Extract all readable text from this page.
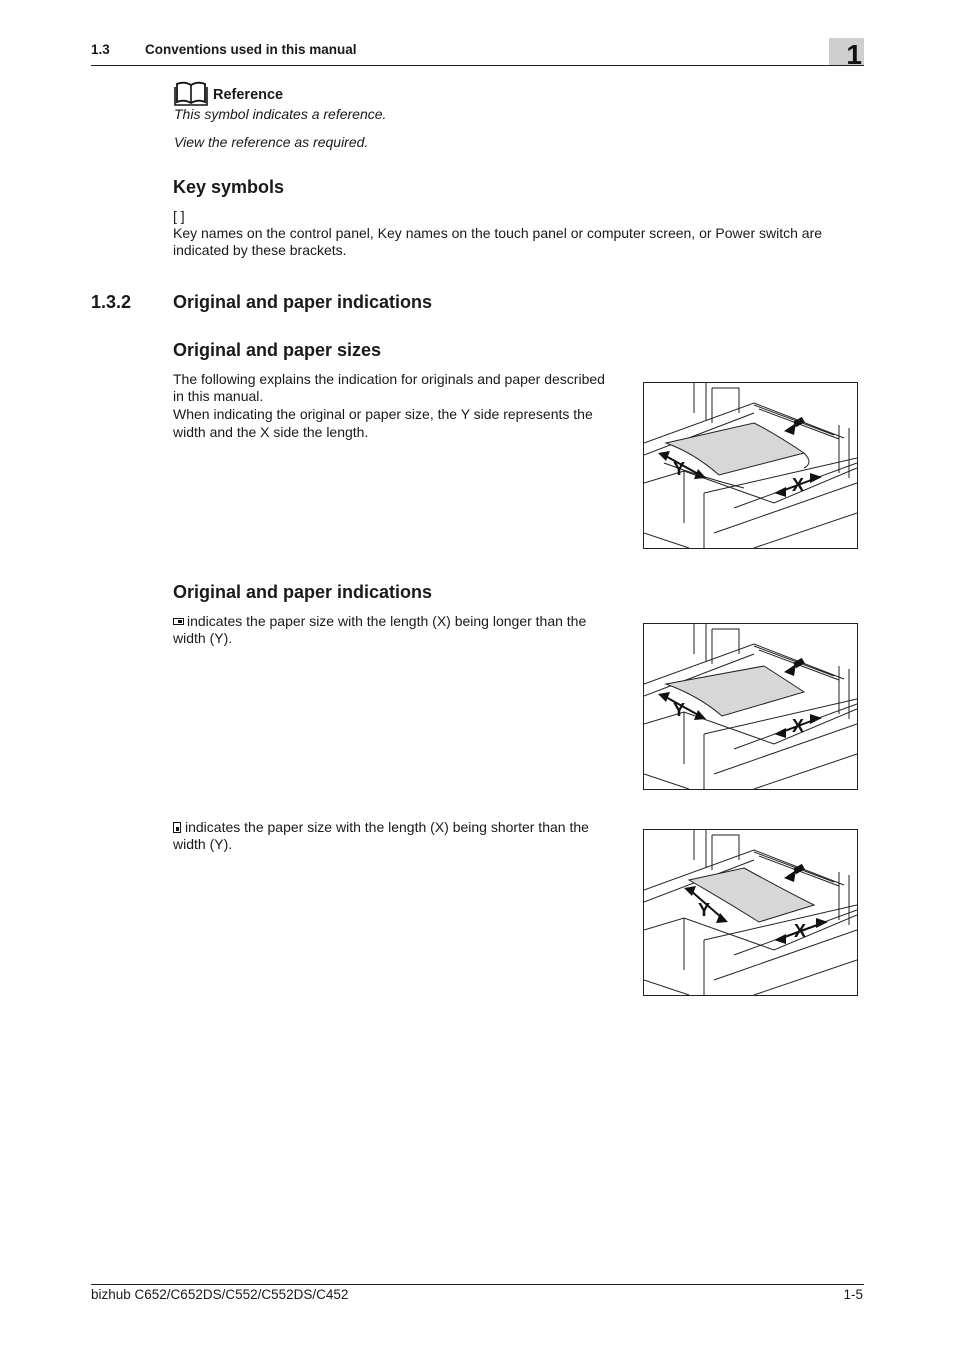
1.3	Conventions used in this manual	1
Reference
This symbol indicates a reference.
View the reference as required.
Key symbols
[ ]
Key names on the control panel, Key names on the touch panel or computer screen, or Power switch are
indicated by these brackets.
1.3.2 Original and paper indications
Original and paper sizes
The following explains the indication for originals and paper described
in this manual.
When indicating the original or paper size, the Y side represents the
width and the X side the length.
Y
X
Original and paper indications
indicates the paper size with the length (X) being longer than the
width (Y).
Y
X
indicates the paper size with the length (X) being shorter than the
width (Y).
Y
X
bizhub C652/C652DS/C552/C552DS/C452	1-5
